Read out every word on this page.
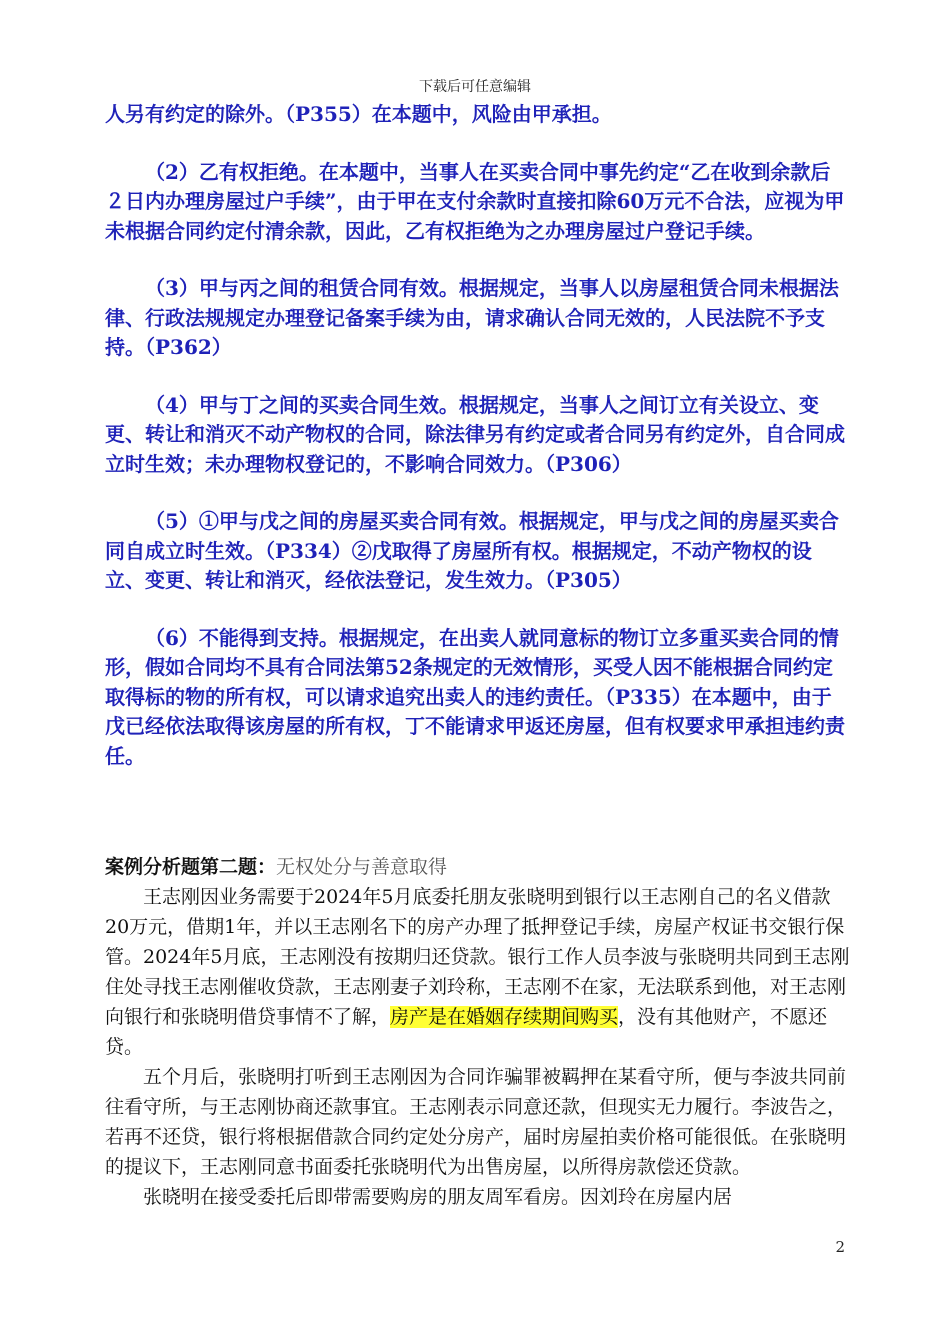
下载后可任意编辑

人另有约定的除外。（P355）在本题中，风险由甲承担。

（2）乙有权拒绝。在本题中，当事人在买卖合同中事先约定“乙在收到余款后２日内办理房屋过户手续”，由于甲在支付余款时直接扣除60万元不合法，应视为甲未根据合同约定付清余款，因此，乙有权拒绝为之办理房屋过户登记手续。

（3）甲与丙之间的租赁合同有效。根据规定，当事人以房屋租赁合同未根据法律、行政法规规定办理登记备案手续为由，请求确认合同无效的，人民法院不予支持。（P362）

（4）甲与丁之间的买卖合同生效。根据规定，当事人之间订立有关设立、变更、转让和消灭不动产物权的合同，除法律另有约定或者合同另有约定外，自合同成立时生效；未办理物权登记的，不影响合同效力。（P306）

（5）①甲与戊之间的房屋买卖合同有效。根据规定，甲与戊之间的房屋买卖合同自成立时生效。（P334）②戊取得了房屋所有权。根据规定，不动产物权的设立、变更、转让和消灭，经依法登记，发生效力。（P305）

（6）不能得到支持。根据规定，在出卖人就同意标的物订立多重买卖合同的情形，假如合同均不具有合同法第52条规定的无效情形，买受人因不能根据合同约定取得标的物的所有权，可以请求追究出卖人的违约责任。（P335）在本题中，由于戊已经依法取得该房屋的所有权，丁不能请求甲返还房屋，但有权要求甲承担违约责任。

案例分析题第二题：无权处分与善意取得

王志刚因业务需要于2024年5月底委托朋友张晓明到银行以王志刚自己的名义借款20万元，借期1年，并以王志刚名下的房产办理了抵押登记手续，房屋产权证书交银行保管。2024年5月底，王志刚没有按期归还贷款。银行工作人员李波与张晓明共同到王志刚住处寻找王志刚催收贷款，王志刚妻子刘玲称，王志刚不在家，无法联系到他，对王志刚向银行和张晓明借贷事情不了解，房产是在婚姻存续期间购买，没有其他财产，不愿还贷。

五个月后，张晓明打听到王志刚因为合同诈骗罪被羁押在某看守所，便与李波共同前往看守所，与王志刚协商还款事宜。王志刚表示同意还款，但现实无力履行。李波告之，若再不还贷，银行将根据借款合同约定处分房产，届时房屋拍卖价格可能很低。在张晓明的提议下，王志刚同意书面委托张晓明代为出售房屋，以所得房款偿还贷款。

张晓明在接受委托后即带需要购房的朋友周军看房。因刘玲在房屋内居

2
